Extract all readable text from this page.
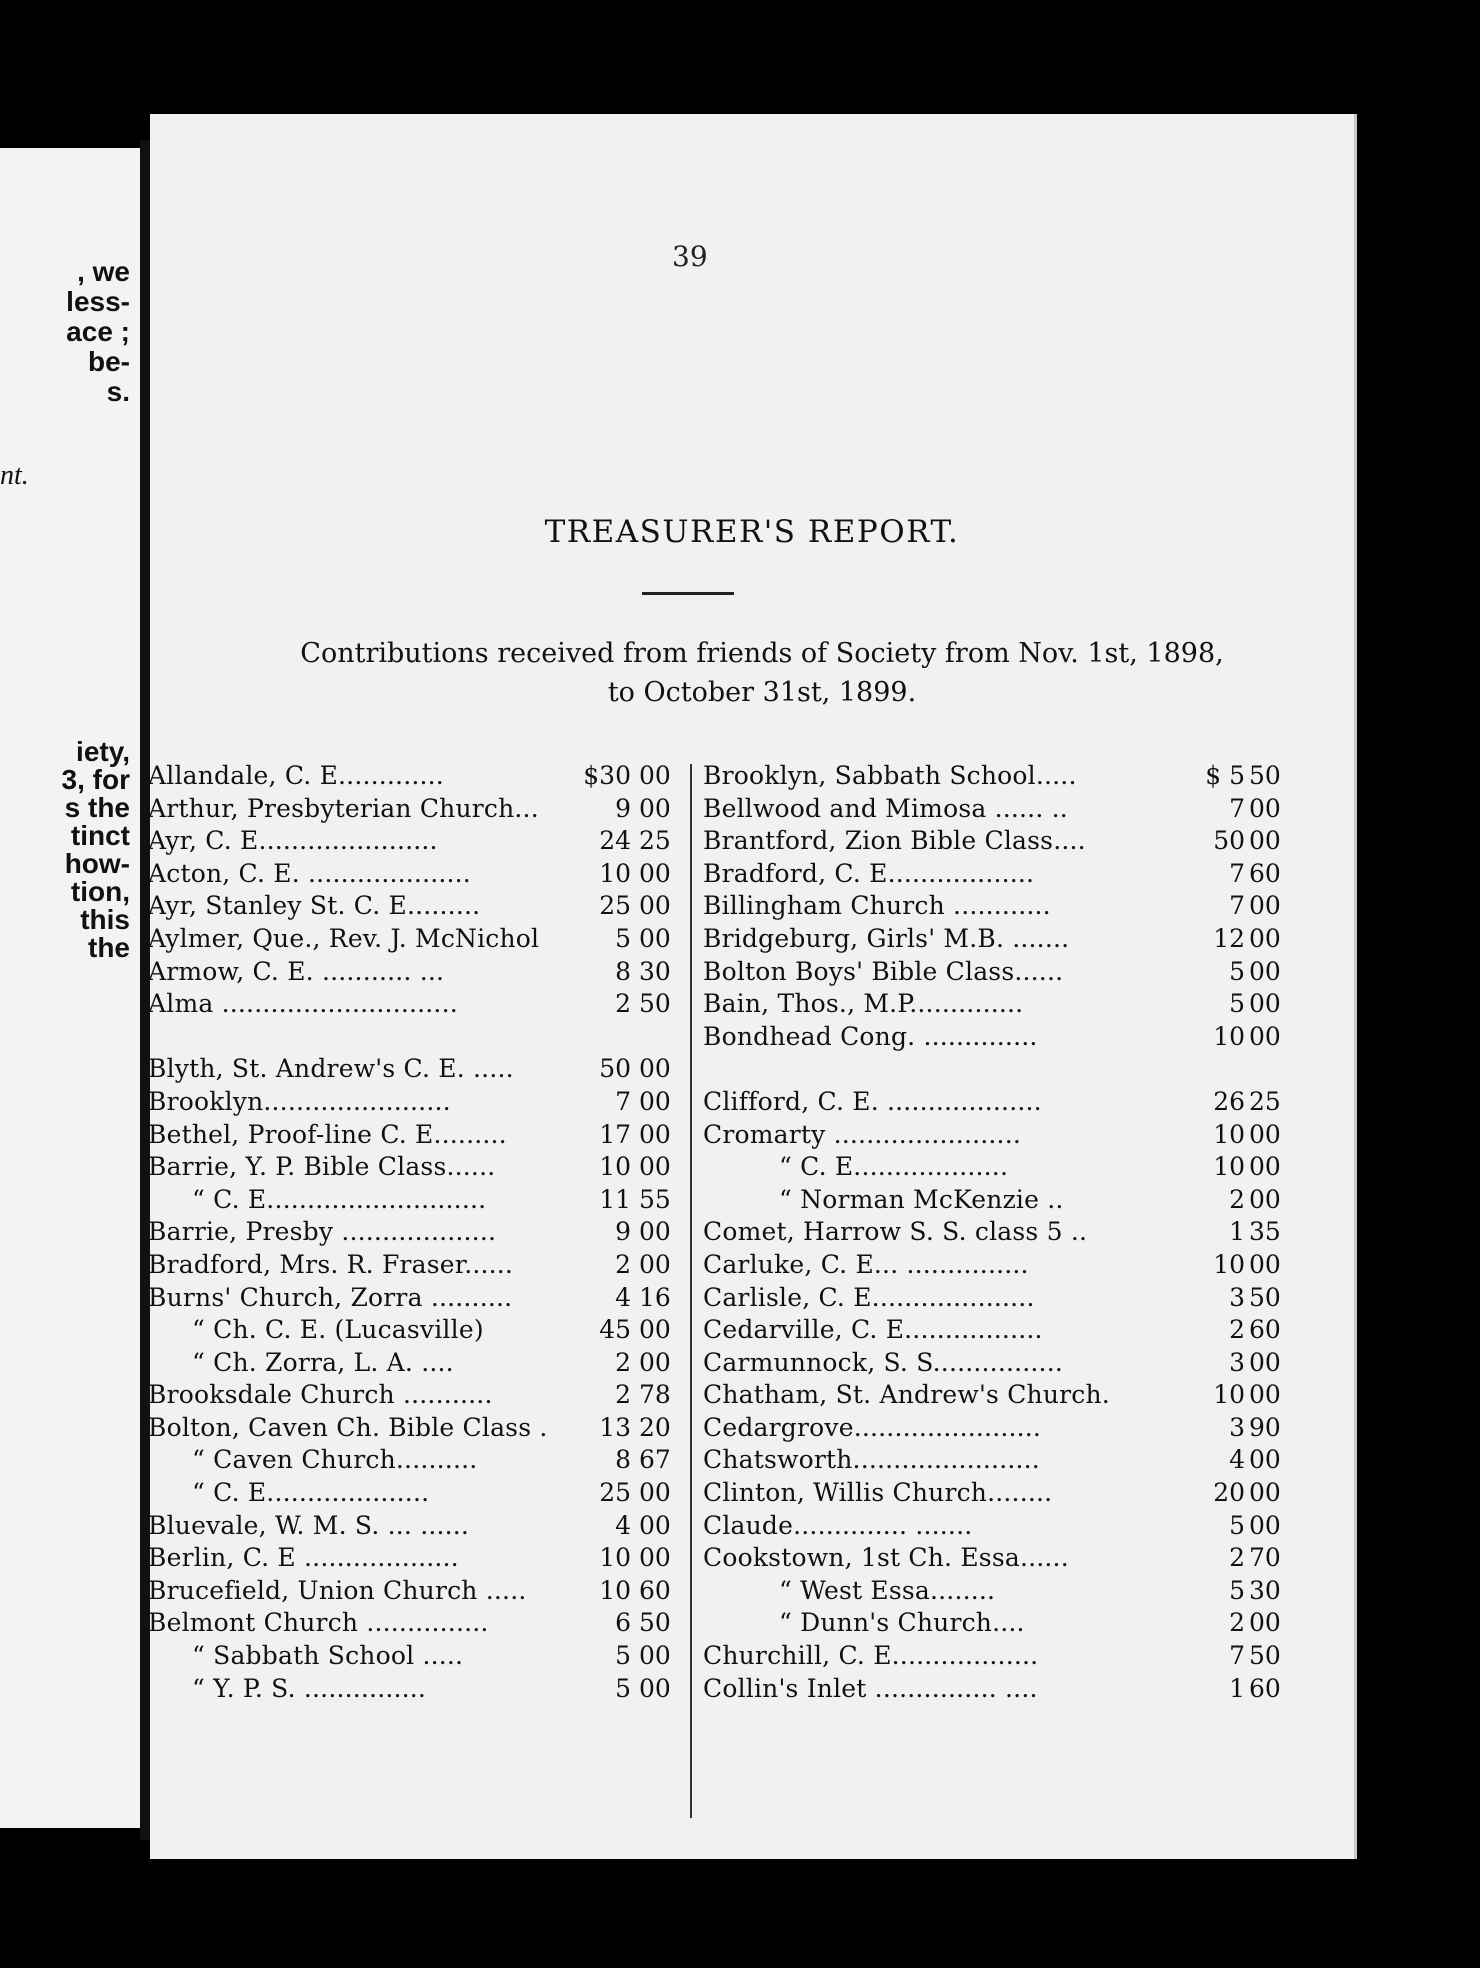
, we
less-
ace ;
be-
s.
nt.
iety,
3, for
s the
tinct
how-
tion,
this
the
39
TREASURER'S REPORT.
Contributions received from friends of Society from Nov. 1st, 1898,
to October 31st, 1899.
Allandale, C. E.............	$30 00
Arthur, Presbyterian Church...	9 00
Ayr, C. E......................	24 25
Acton, C. E. ....................	10 00
Ayr, Stanley St. C. E.........	25 00
Aylmer, Que., Rev. J. McNichol	5 00
Armow, C. E. ........... ...	8 30
Alma .............................	2 50
Blyth, St. Andrew's C. E. .....	50 00
Brooklyn.......................	7 00
Bethel, Proof-line C. E.........	17 00
Barrie, Y. P. Bible Class......	10 00
“ C. E...........................	11 55
Barrie, Presby ...................	9 00
Bradford, Mrs. R. Fraser......	2 00
Burns' Church, Zorra ..........	4 16
“ Ch. C. E. (Lucasville)	45 00
“ Ch. Zorra, L. A. ....	2 00
Brooksdale Church ...........	2 78
Bolton, Caven Ch. Bible Class .	13 20
“ Caven Church..........	8 67
“ C. E....................	25 00
Bluevale, W. M. S. ... ......	4 00
Berlin, C. E ...................	10 00
Brucefield, Union Church .....	10 60
Belmont Church ...............	6 50
“ Sabbath School .....	5 00
“ Y. P. S. ...............	5 00
Brooklyn, Sabbath School.....	$ 5 50
Bellwood and Mimosa ...... ..	7 00
Brantford, Zion Bible Class....	50 00
Bradford, C. E..................	7 60
Billingham Church ............	7 00
Bridgeburg, Girls' M.B. .......	12 00
Bolton Boys' Bible Class......	5 00
Bain, Thos., M.P..............	5 00
Bondhead Cong. ..............	10 00
Clifford, C. E. ...................	26 25
Cromarty .......................	10 00
“ C. E...................	10 00
“ Norman McKenzie ..	2 00
Comet, Harrow S. S. class 5 ..	1 35
Carluke, C. E... ...............	10 00
Carlisle, C. E....................	3 50
Cedarville, C. E.................	2 60
Carmunnock, S. S................	3 00
Chatham, St. Andrew's Church.	10 00
Cedargrove.......................	3 90
Chatsworth.......................	4 00
Clinton, Willis Church........	20 00
Claude.............. .......	5 00
Cookstown, 1st Ch. Essa......	2 70
“ West Essa........	5 30
“ Dunn's Church....	2 00
Churchill, C. E..................	7 50
Collin's Inlet ............... ....	1 60
